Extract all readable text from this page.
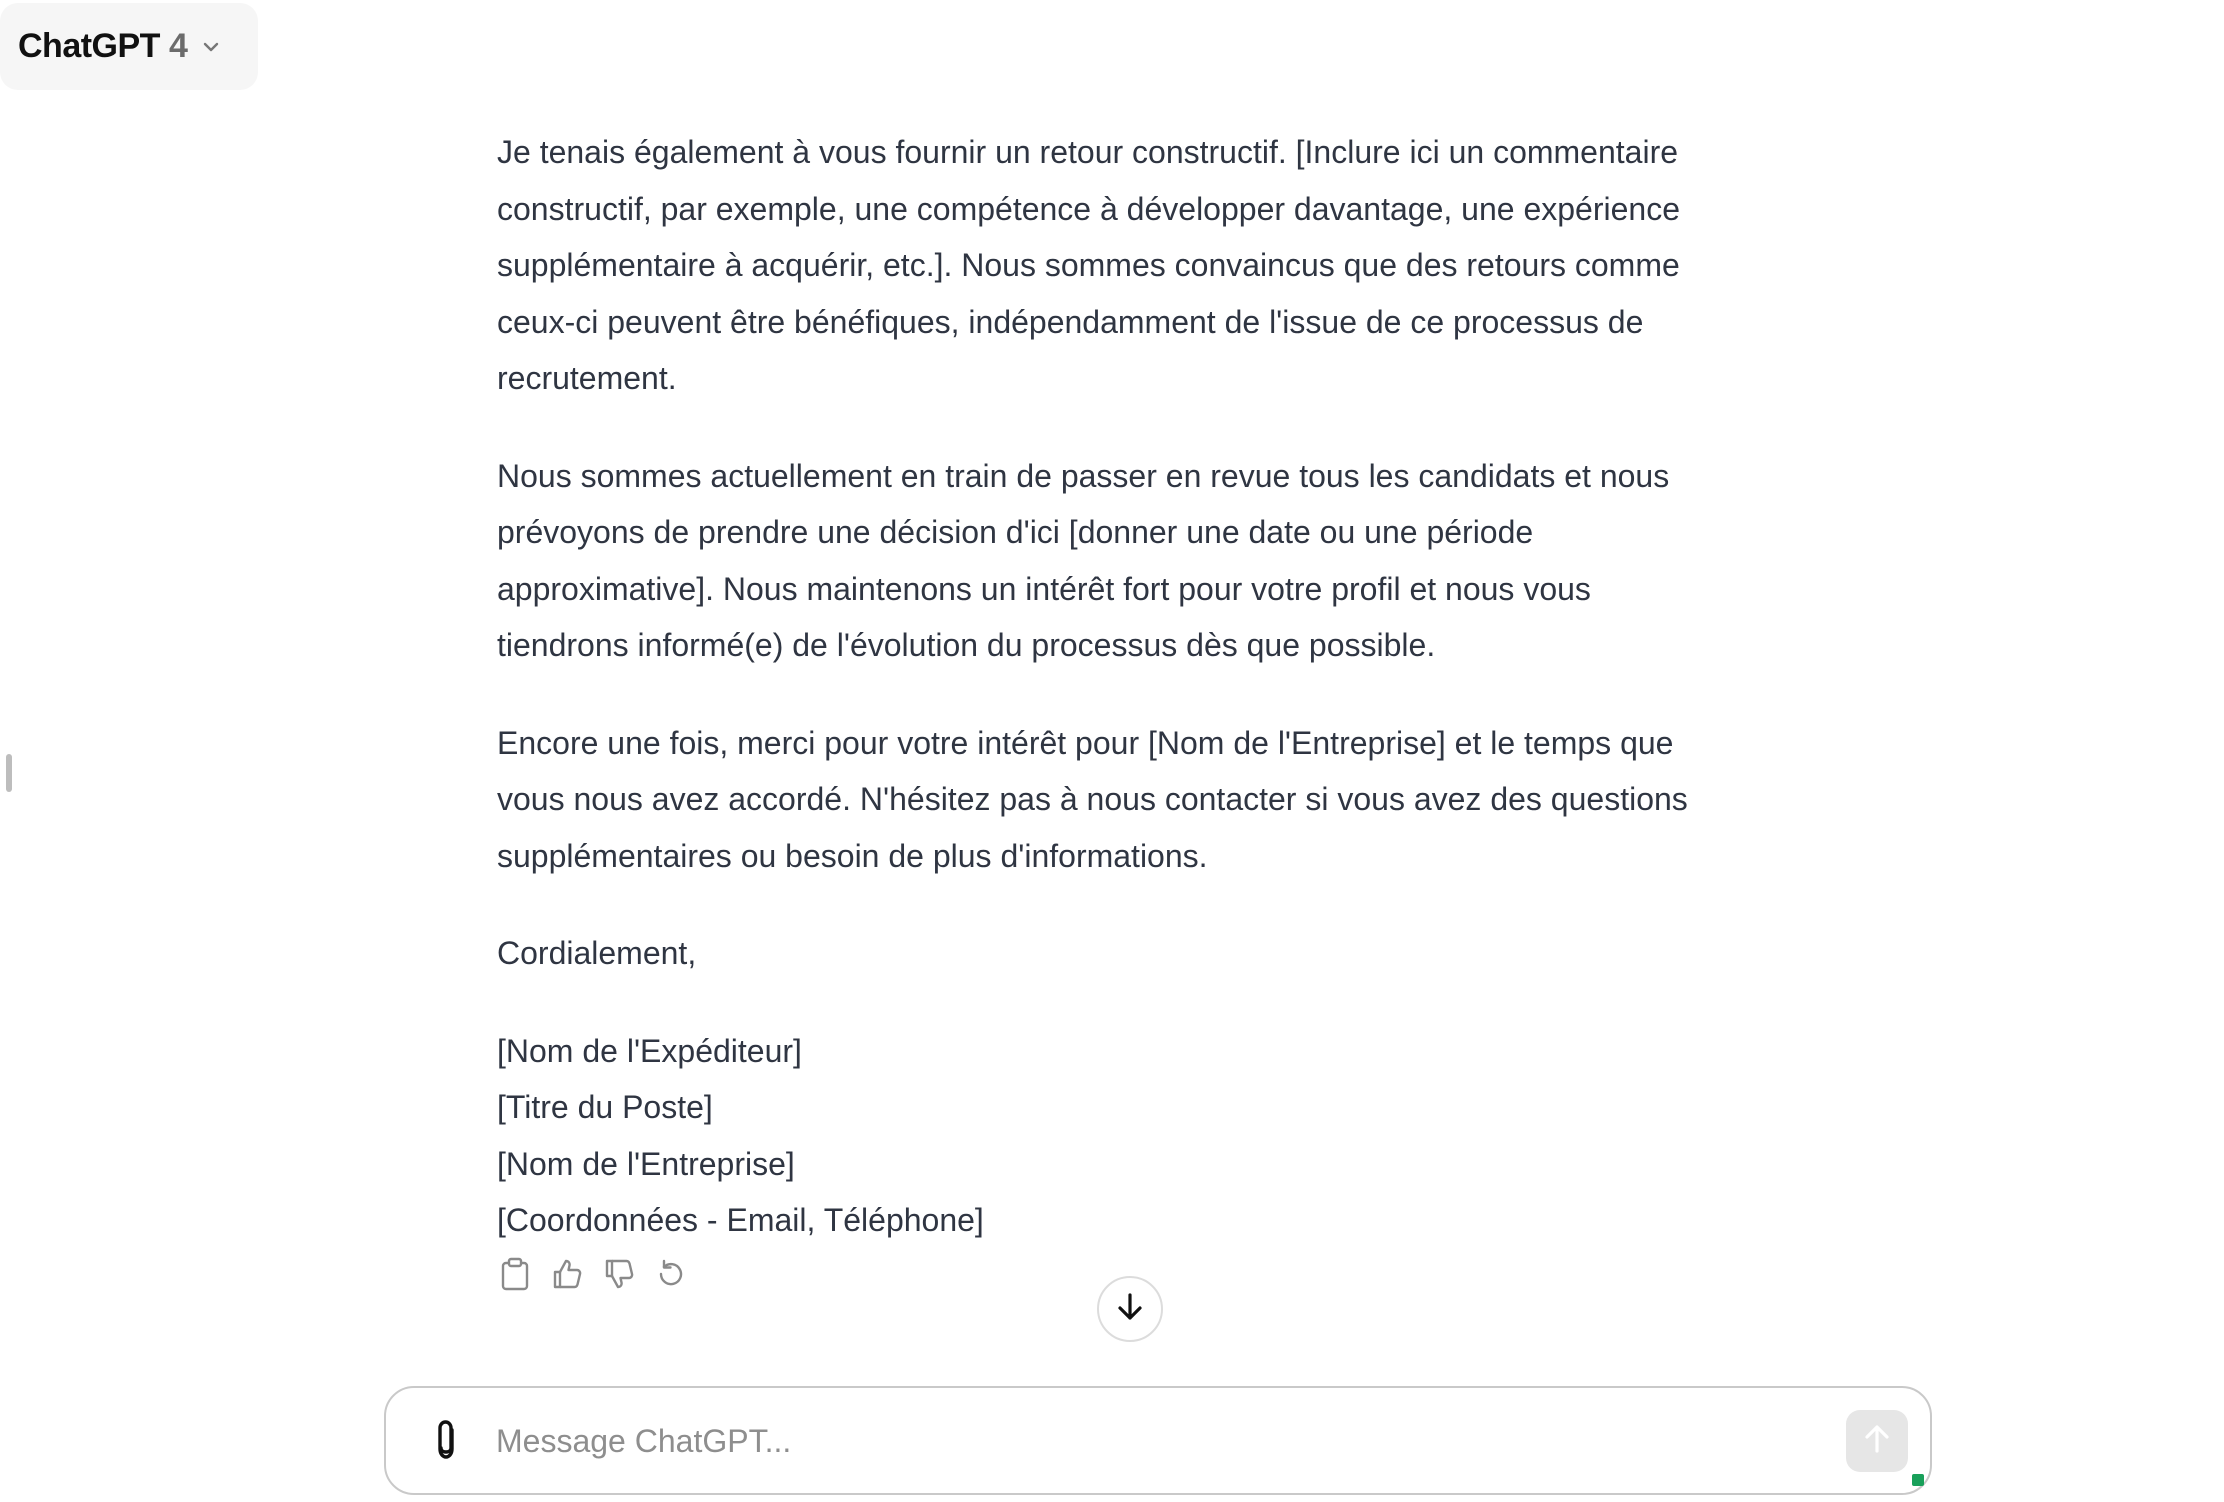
ChatGPT 4

Je tenais également à vous fournir un retour constructif. [Inclure ici un commentaire constructif, par exemple, une compétence à développer davantage, une expérience supplémentaire à acquérir, etc.]. Nous sommes convaincus que des retours comme ceux-ci peuvent être bénéfiques, indépendamment de l'issue de ce processus de recrutement.

Nous sommes actuellement en train de passer en revue tous les candidats et nous prévoyons de prendre une décision d'ici [donner une date ou une période approximative]. Nous maintenons un intérêt fort pour votre profil et nous vous tiendrons informé(e) de l'évolution du processus dès que possible.

Encore une fois, merci pour votre intérêt pour [Nom de l'Entreprise] et le temps que vous nous avez accordé. N'hésitez pas à nous contacter si vous avez des questions supplémentaires ou besoin de plus d'informations.

Cordialement,

[Nom de l'Expéditeur]

[Titre du Poste]

[Nom de l'Entreprise]

[Coordonnées - Email, Téléphone]

Message ChatGPT...
